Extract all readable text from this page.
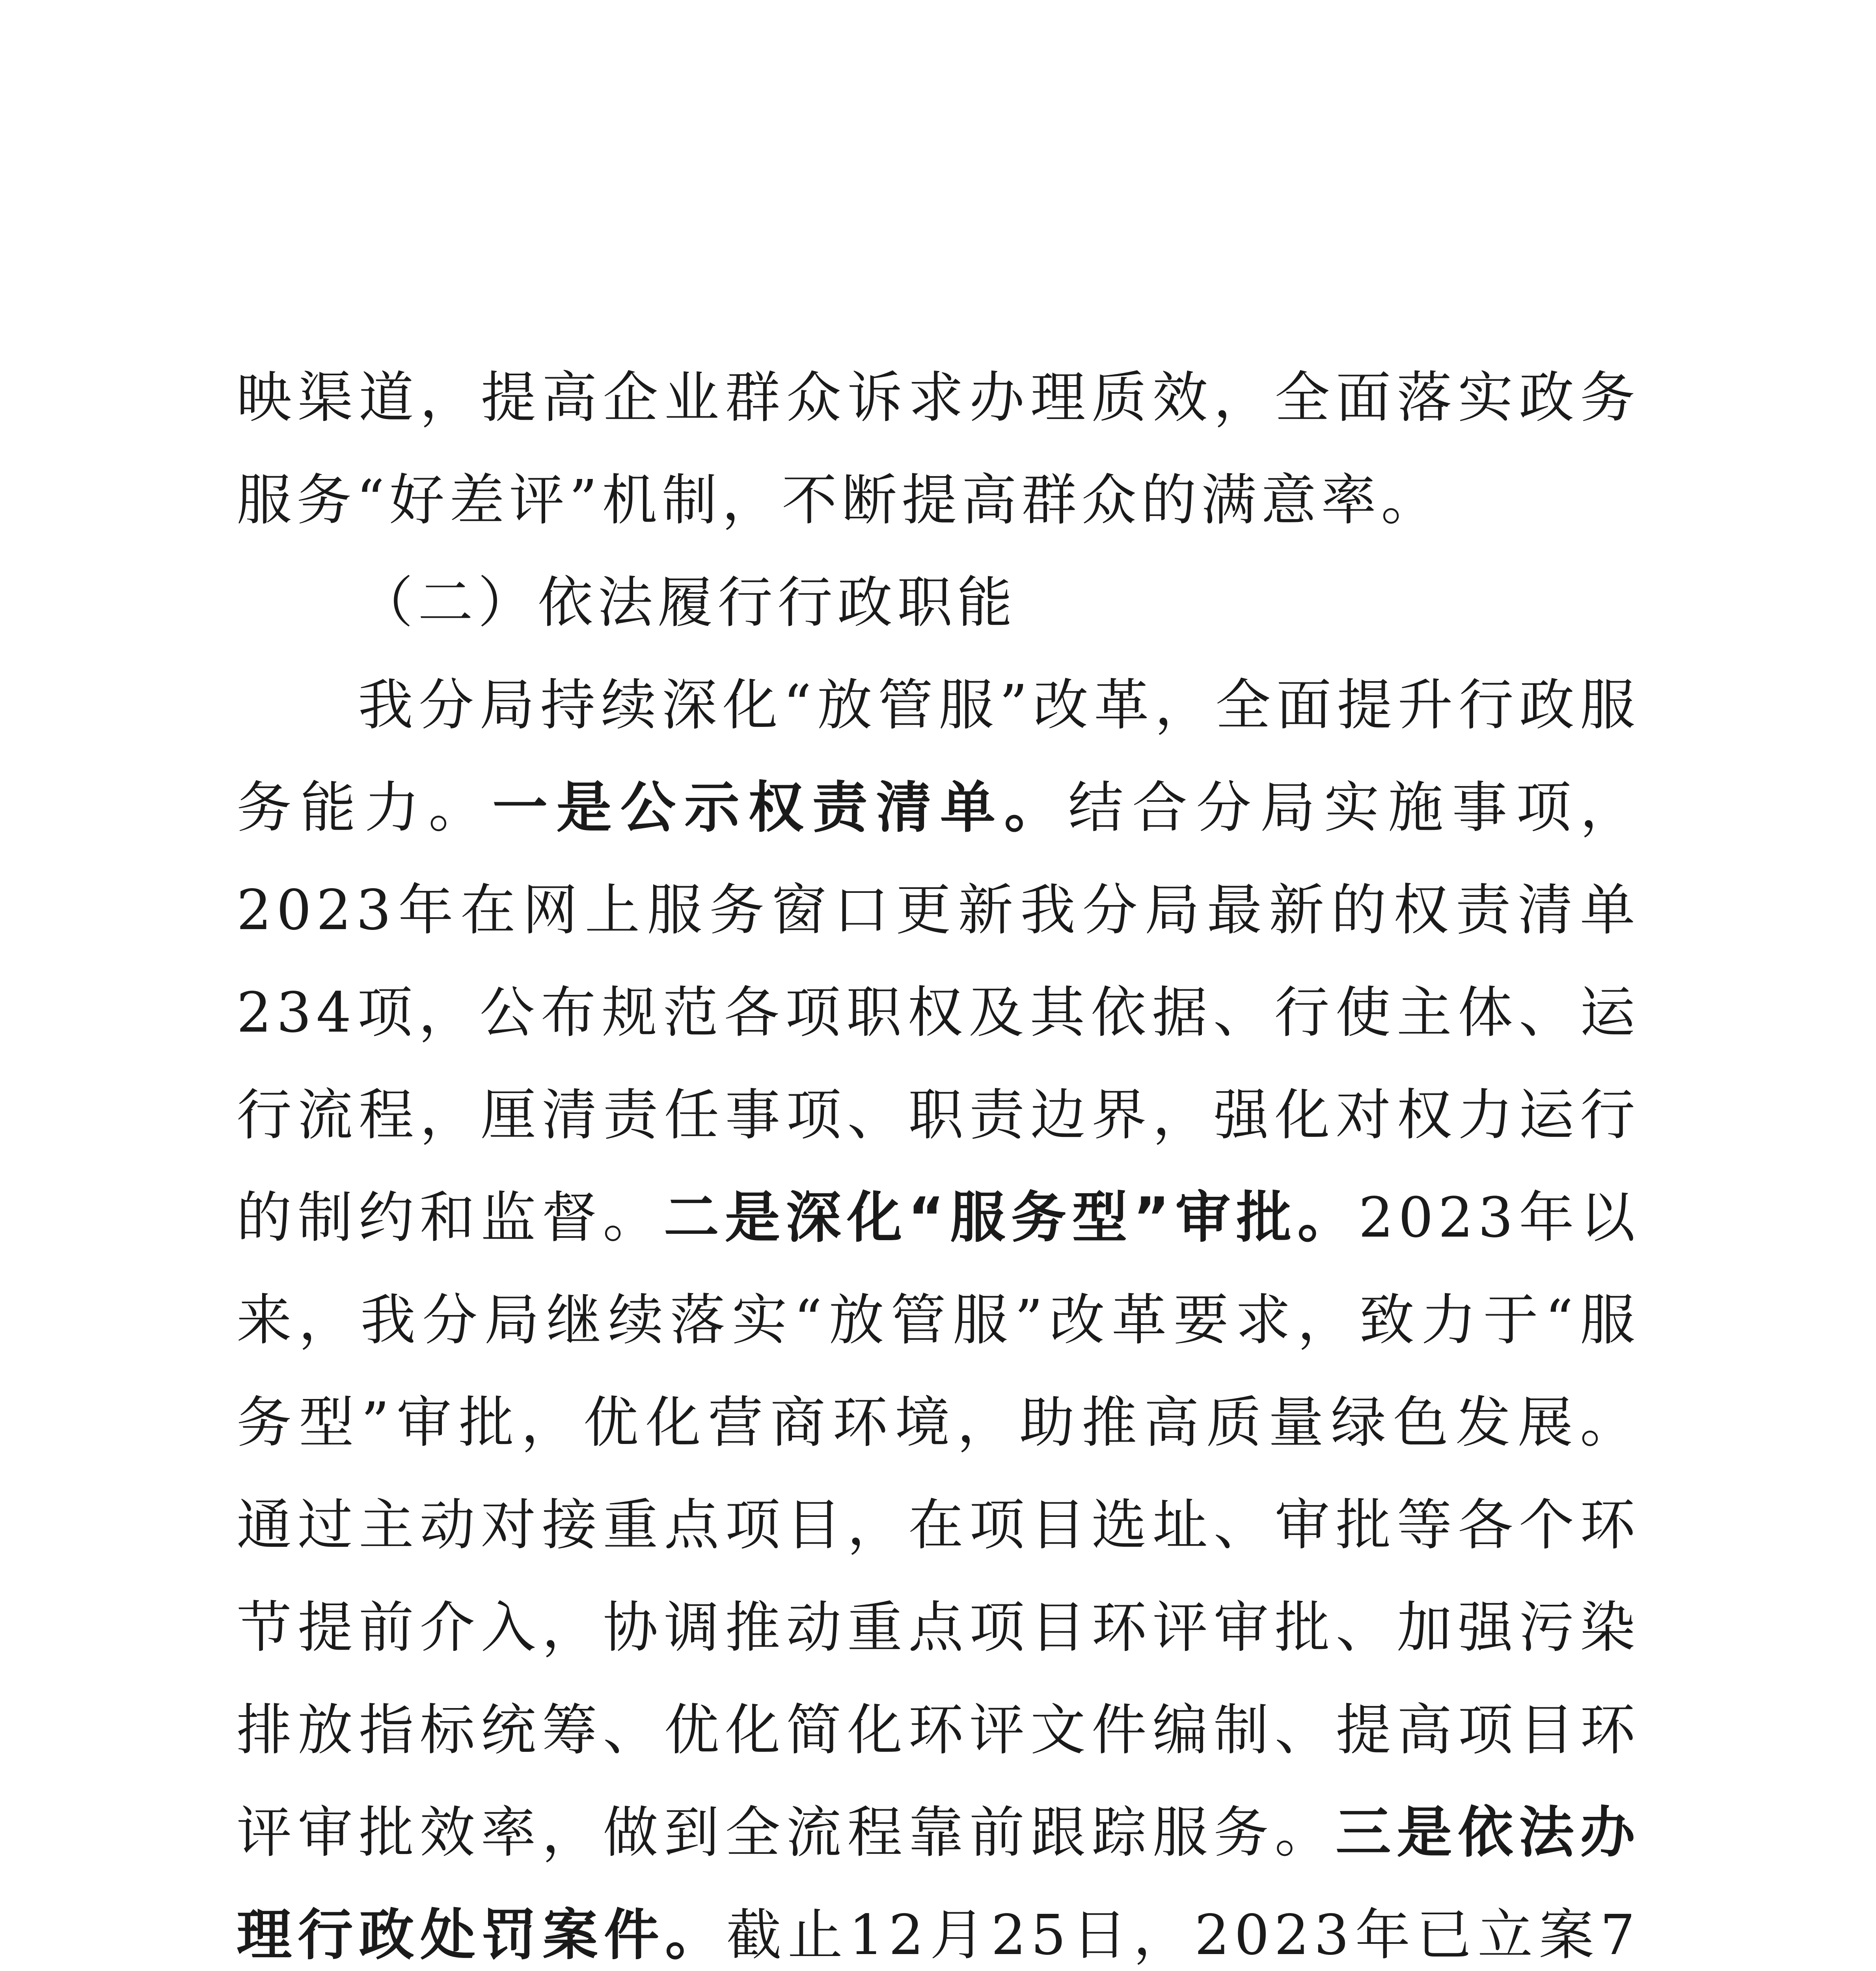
映渠道，提高企业群众诉求办理质效，全面落实政务服务“好差评”机制，不断提高群众的满意率。

（二）依法履行行政职能

我分局持续深化“放管服”改革，全面提升行政服务能力。一是公示权责清单。结合分局实施事项，2023年在网上服务窗口更新我分局最新的权责清单234项，公布规范各项职权及其依据、行使主体、运行流程，厘清责任事项、职责边界，强化对权力运行的制约和监督。二是深化“服务型”审批。2023年以来，我分局继续落实“放管服”改革要求，致力于“服务型”审批，优化营商环境，助推高质量绿色发展。通过主动对接重点项目，在项目选址、审批等各个环节提前介入，协调推动重点项目环评审批、加强污染排放指标统筹、优化简化环评文件编制、提高项目环评审批效率，做到全流程靠前跟踪服务。三是依法办理行政处罚案件。截止12月25日，2023年已立案7
